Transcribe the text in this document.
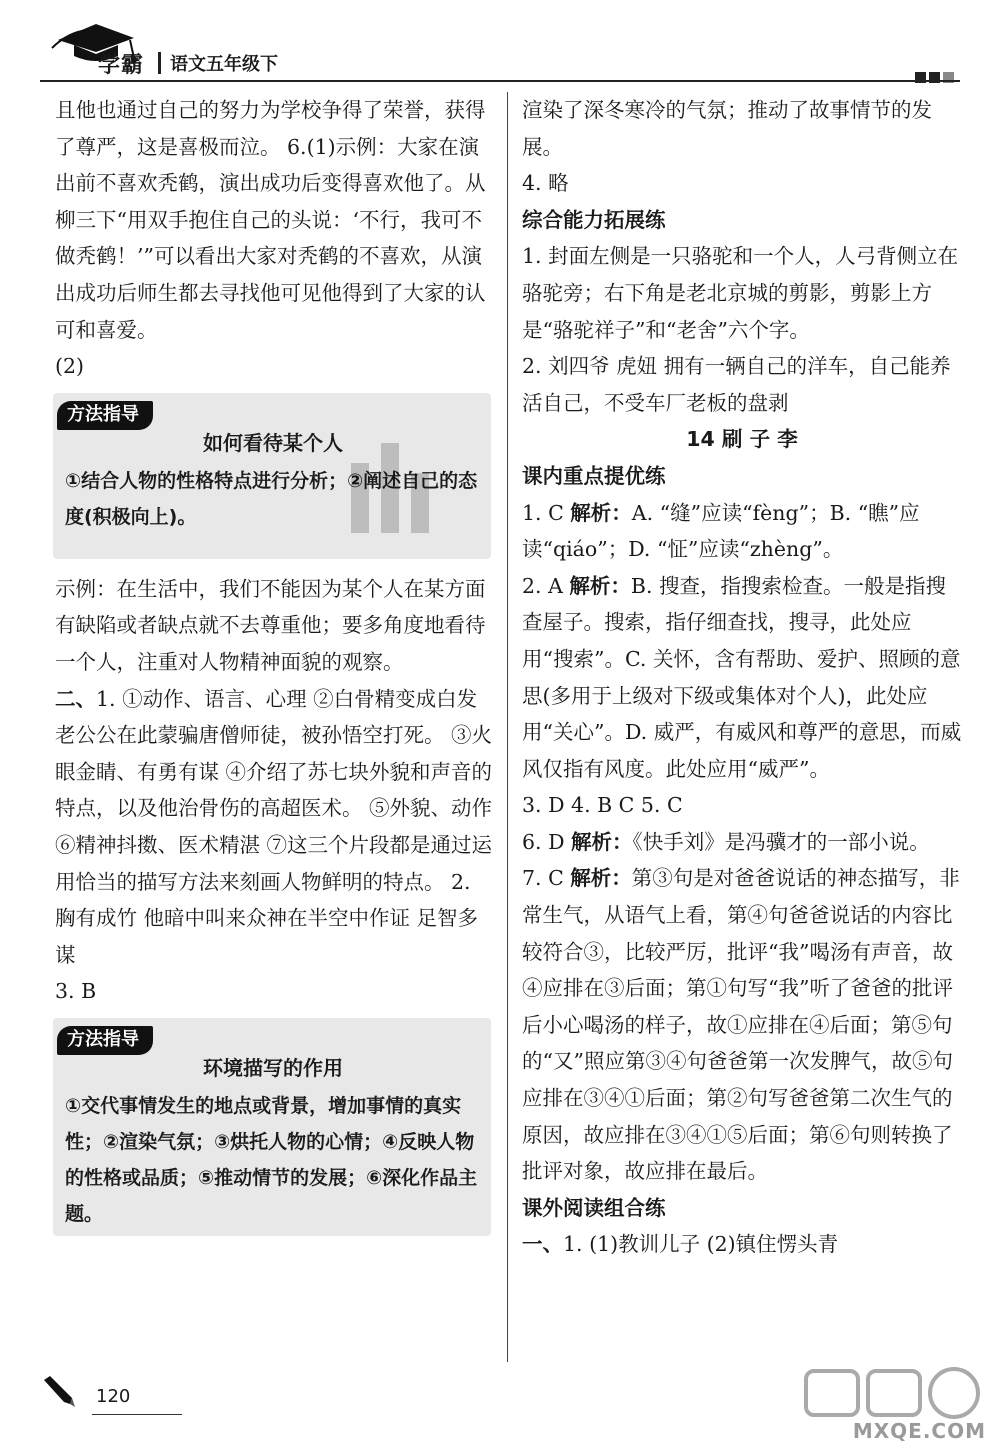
学霸 语文五年级下

且他也通过自己的努力为学校争得了荣誉，获得了尊严，这是喜极而泣。 6.(1)示例：大家在演出前不喜欢秃鹤，演出成功后变得喜欢他了。从柳三下“用双手抱住自己的头说：‘不行，我可不做秃鹤！’”可以看出大家对秃鹤的不喜欢，从演出成功后师生都去寻找他可见他得到了大家的认可和喜爱。

(2)

方法指导
如何看待某个人
①结合人物的性格特点进行分析；②阐述自己的态度(积极向上)。

示例：在生活中，我们不能因为某个人在某方面有缺陷或者缺点就不去尊重他；要多角度地看待一个人，注重对人物精神面貌的观察。

二、1. ①动作、语言、心理 ②白骨精变成白发老公公在此蒙骗唐僧师徒，被孙悟空打死。 ③火眼金睛、有勇有谋 ④介绍了苏七块外貌和声音的特点，以及他治骨伤的高超医术。 ⑤外貌、动作 ⑥精神抖擞、医术精湛 ⑦这三个片段都是通过运用恰当的描写方法来刻画人物鲜明的特点。 2. 胸有成竹 他暗中叫来众神在半空中作证 足智多谋

3. B

方法指导
环境描写的作用
①交代事情发生的地点或背景，增加事情的真实性；②渲染气氛；③烘托人物的心情；④反映人物的性格或品质；⑤推动情节的发展；⑥深化作品主题。

渲染了深冬寒冷的气氛；推动了故事情节的发展。

4. 略

综合能力拓展练

1. 封面左侧是一只骆驼和一个人，人弓背侧立在骆驼旁；右下角是老北京城的剪影，剪影上方是“骆驼祥子”和“老舍”六个字。

2. 刘四爷 虎妞 拥有一辆自己的洋车，自己能养活自己，不受车厂老板的盘剥

14 刷 子 李

课内重点提优练

1. C 解析：A. “缝”应读“fèng”；B. “瞧”应读“qiáo”；D. “怔”应读“zhèng”。

2. A 解析：B. 搜查，指搜索检查。一般是指搜查屋子。搜索，指仔细查找，搜寻，此处应用“搜索”。C. 关怀，含有帮助、爱护、照顾的意思(多用于上级对下级或集体对个人)，此处应用“关心”。D. 威严，有威风和尊严的意思，而威风仅指有风度。此处应用“威严”。

3. D 4. B C 5. C

6. D 解析：《快手刘》是冯骥才的一部小说。

7. C 解析：第③句是对爸爸说话的神态描写，非常生气，从语气上看，第④句爸爸说话的内容比较符合③，比较严厉，批评“我”喝汤有声音，故④应排在③后面；第①句写“我”听了爸爸的批评后小心喝汤的样子，故①应排在④后面；第⑤句的“又”照应第③④句爸爸第一次发脾气，故⑤句应排在③④①后面；第②句写爸爸第二次生气的原因，故应排在③④①⑤后面；第⑥句则转换了批评对象，故应排在最后。

课外阅读组合练

一、1. (1)教训儿子 (2)镇住愣头青

120
MXQE.COM
